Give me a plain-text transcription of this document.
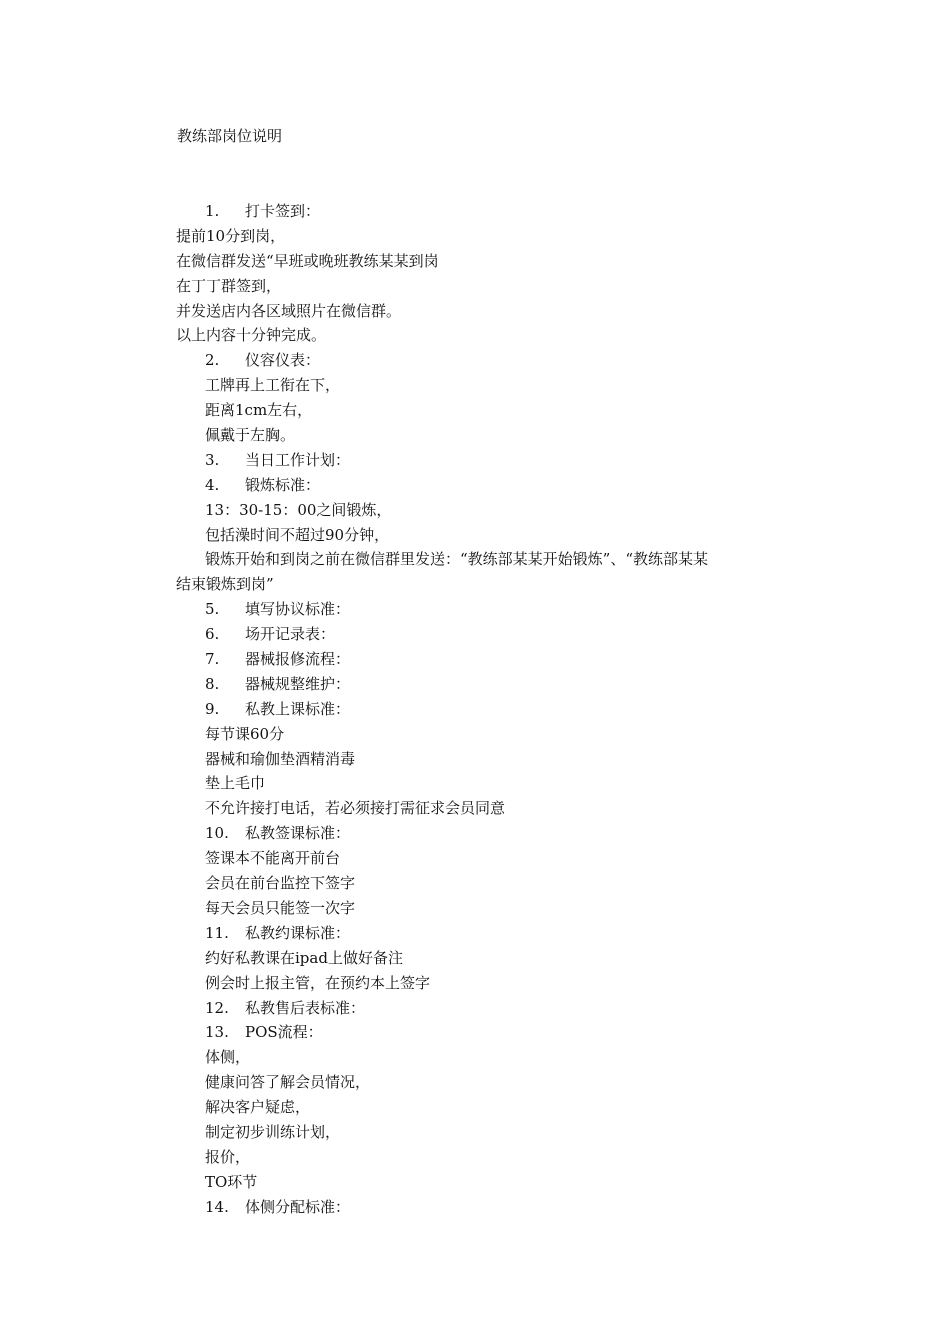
教练部岗位说明
1. 打卡签到：
提前10分到岗，
在微信群发送“早班或晚班教练某某到岗
在丁丁群签到，
并发送店内各区域照片在微信群。
以上内容十分钟完成。
2. 仪容仪表：
工牌再上工衔在下，
距离1cm左右，
佩戴于左胸。
3. 当日工作计划：
4. 锻炼标准：
13：30-15：00之间锻炼，
包括澡时间不超过90分钟，
锻炼开始和到岗之前在微信群里发送：“教练部某某开始锻炼”、“教练部某某
结束锻炼到岗”
5. 填写协议标准：
6. 场开记录表：
7. 器械报修流程：
8. 器械规整维护：
9. 私教上课标准：
每节课60分
器械和瑜伽垫酒精消毒
垫上毛巾
不允许接打电话，若必须接打需征求会员同意
10. 私教签课标准：
签课本不能离开前台
会员在前台监控下签字
每天会员只能签一次字
11. 私教约课标准：
约好私教课在ipad上做好备注
例会时上报主管，在预约本上签字
12. 私教售后表标准：
13. POS流程：
体侧，
健康问答了解会员情况，
解决客户疑虑，
制定初步训练计划，
报价，
TO环节
14. 体侧分配标准：
